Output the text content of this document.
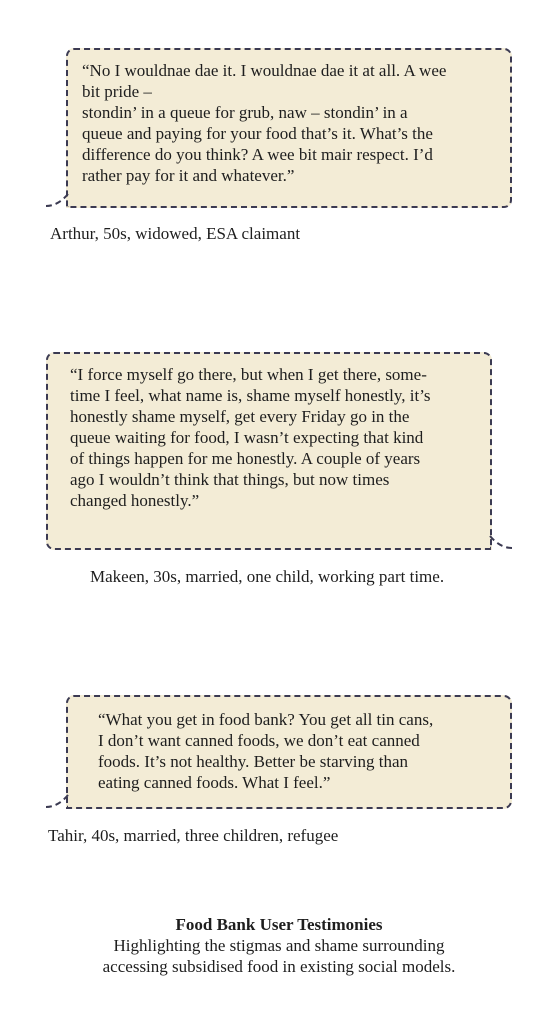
“No I wouldnae dae it. I wouldnae dae it at all. A wee
bit pride –
stondin’ in a queue for grub, naw – stondin’ in a
queue and paying for your food that’s it. What’s the
difference do you think? A wee bit mair respect. I’d
rather pay for it and whatever.”

Arthur, 50s, widowed, ESA claimant

“I force myself go there, but when I get there, some-
time I feel, what name is, shame myself honestly, it’s
honestly shame myself, get every Friday go in the
queue waiting for food, I wasn’t expecting that kind
of things happen for me honestly. A couple of years
ago I wouldn’t think that things, but now times
changed honestly.”

Makeen, 30s, married, one child, working part time.

“What you get in food bank? You get all tin cans,
I don’t want canned foods, we don’t eat canned
foods. It’s not healthy. Better be starving than
eating canned foods. What I feel.”

Tahir, 40s, married, three children, refugee
Food Bank User Testimonies
Highlighting the stigmas and shame surrounding
accessing subsidised food in existing social models.
